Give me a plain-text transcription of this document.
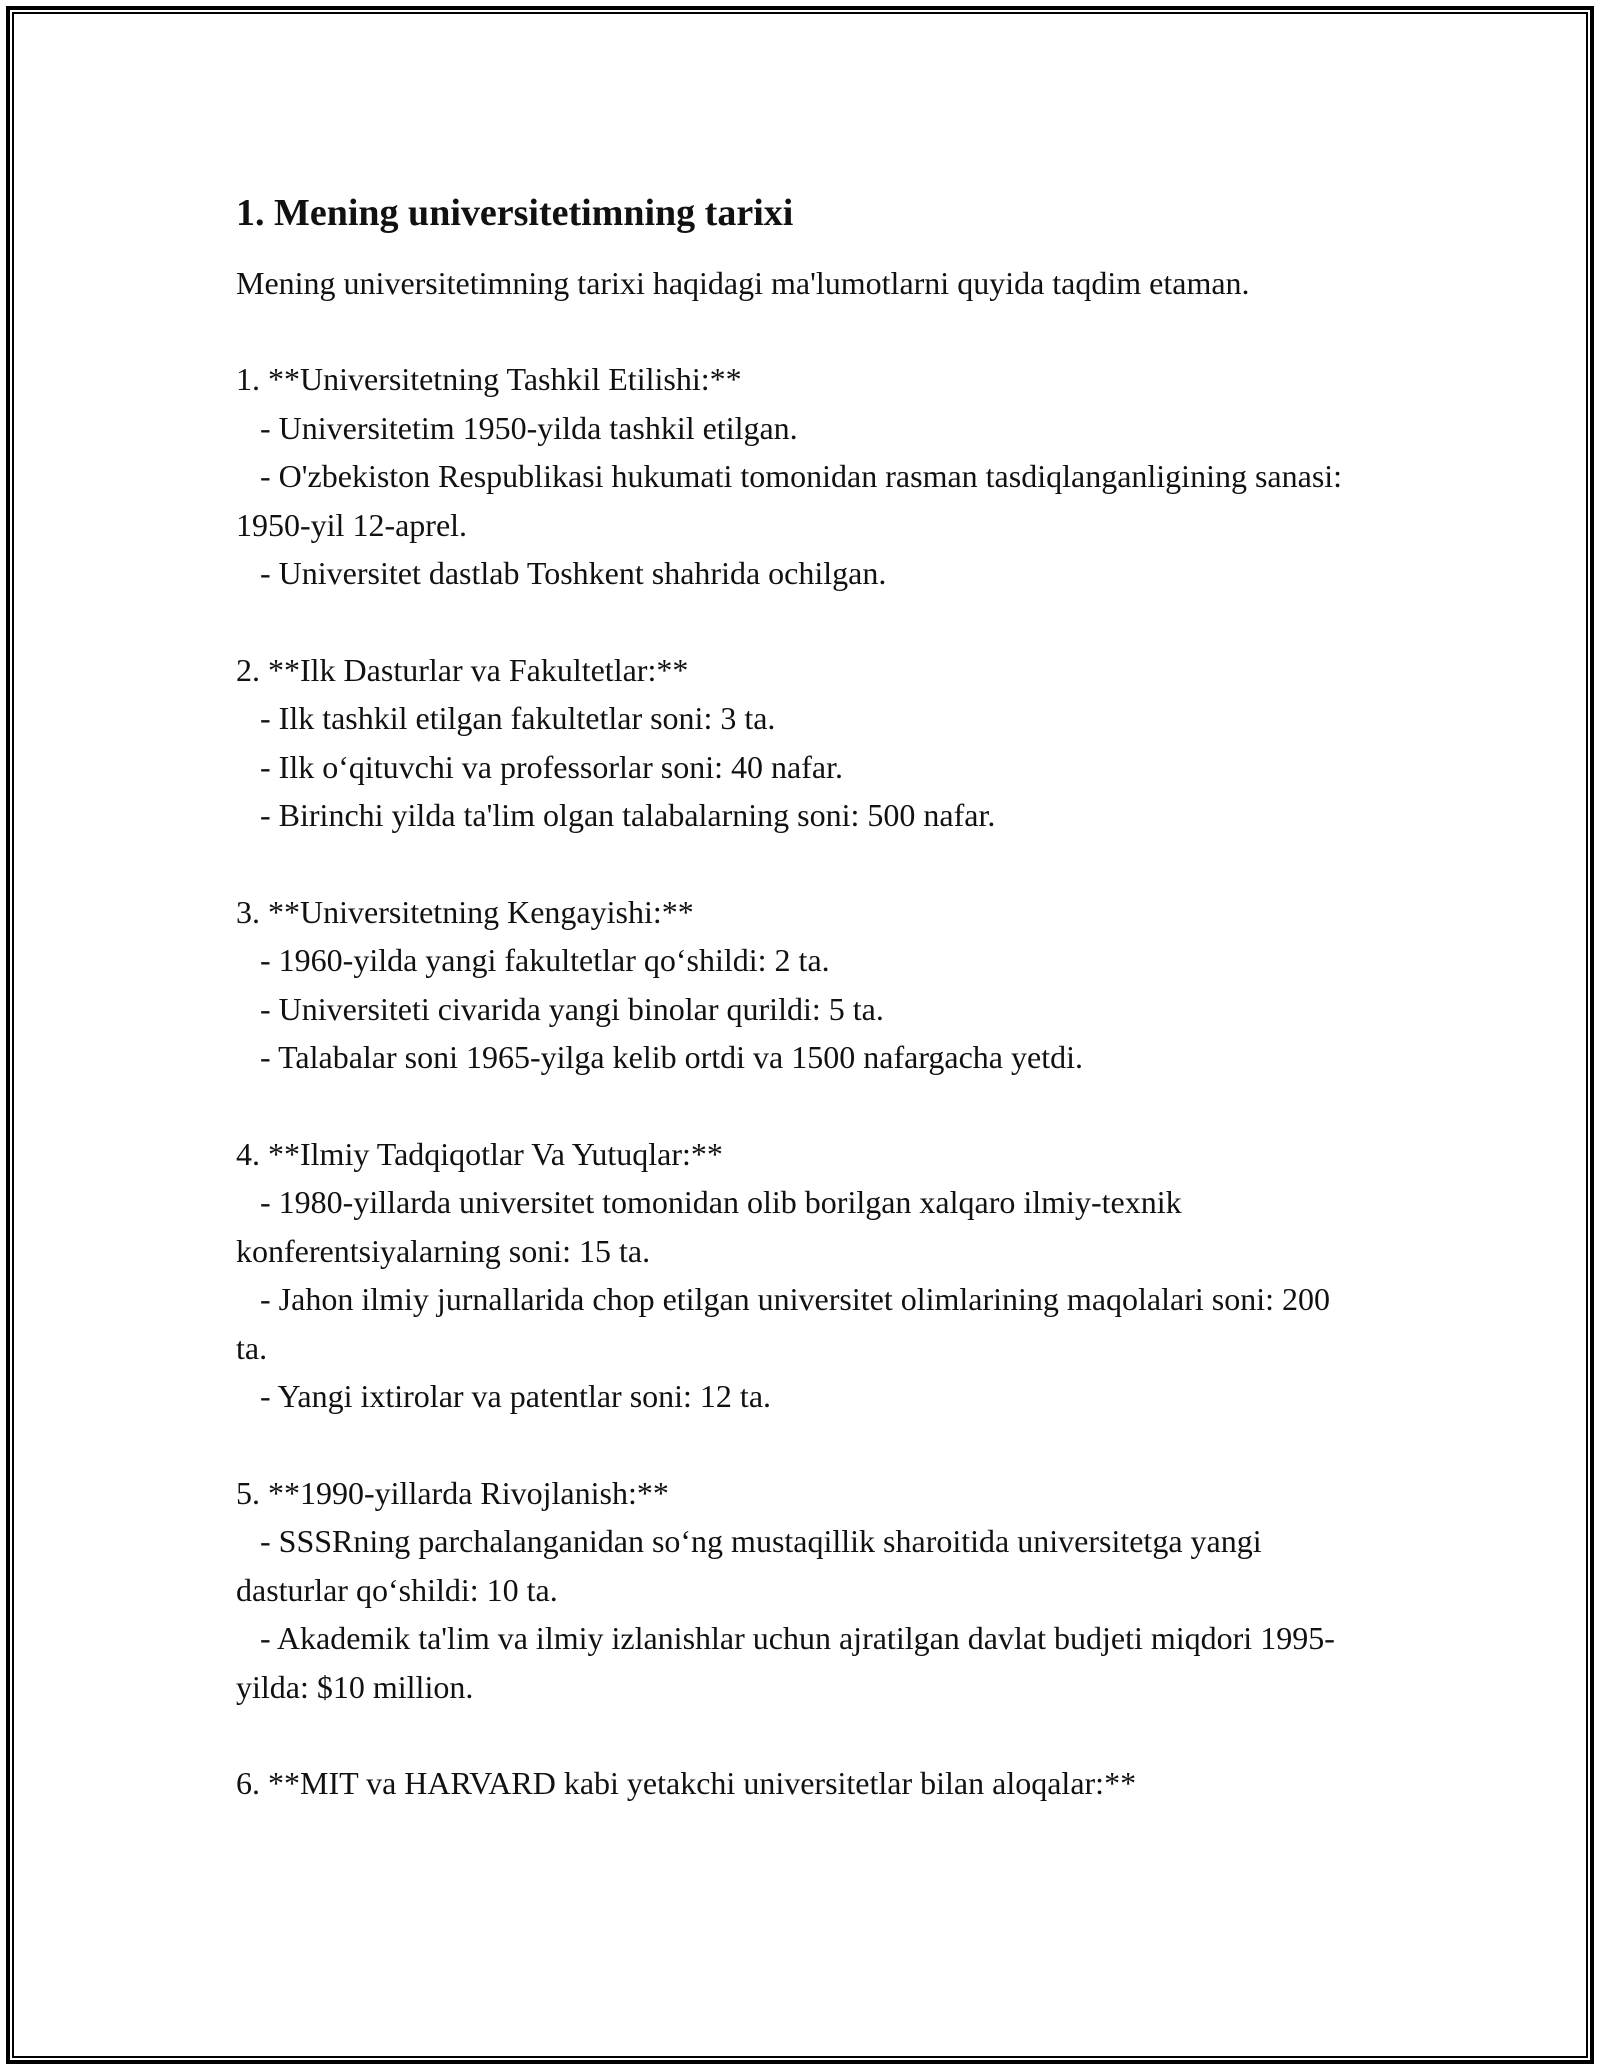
1. Mening universitetimning tarixi

Mening universitetimning tarixi haqidagi ma'lumotlarni quyida taqdim etaman.

1. **Universitetning Tashkil Etilishi:**
- Universitetim 1950-yilda tashkil etilgan.
- O'zbekiston Respublikasi hukumati tomonidan rasman tasdiqlanganligining sanasi: 1950-yil 12-aprel.
- Universitet dastlab Toshkent shahrida ochilgan.
2. **Ilk Dasturlar va Fakultetlar:**
- Ilk tashkil etilgan fakultetlar soni: 3 ta.
- Ilk o‘qituvchi va professorlar soni: 40 nafar.
- Birinchi yilda ta'lim olgan talabalarning soni: 500 nafar.
3. **Universitetning Kengayishi:**
- 1960-yilda yangi fakultetlar qo‘shildi: 2 ta.
- Universiteti civarida yangi binolar qurildi: 5 ta.
- Talabalar soni 1965-yilga kelib ortdi va 1500 nafargacha yetdi.
4. **Ilmiy Tadqiqotlar Va Yutuqlar:**
- 1980-yillarda universitet tomonidan olib borilgan xalqaro ilmiy-texnik konferentsiyalarning soni: 15 ta.
- Jahon ilmiy jurnallarida chop etilgan universitet olimlarining maqolalari soni: 200 ta.
- Yangi ixtirolar va patentlar soni: 12 ta.
5. **1990-yillarda Rivojlanish:**
- SSSRning parchalanganidan so‘ng mustaqillik sharoitida universitetga yangi dasturlar qo‘shildi: 10 ta.
- Akademik ta'lim va ilmiy izlanishlar uchun ajratilgan davlat budjeti miqdori 1995-yilda: $10 million.
6. **MIT va HARVARD kabi yetakchi universitetlar bilan aloqalar:**
